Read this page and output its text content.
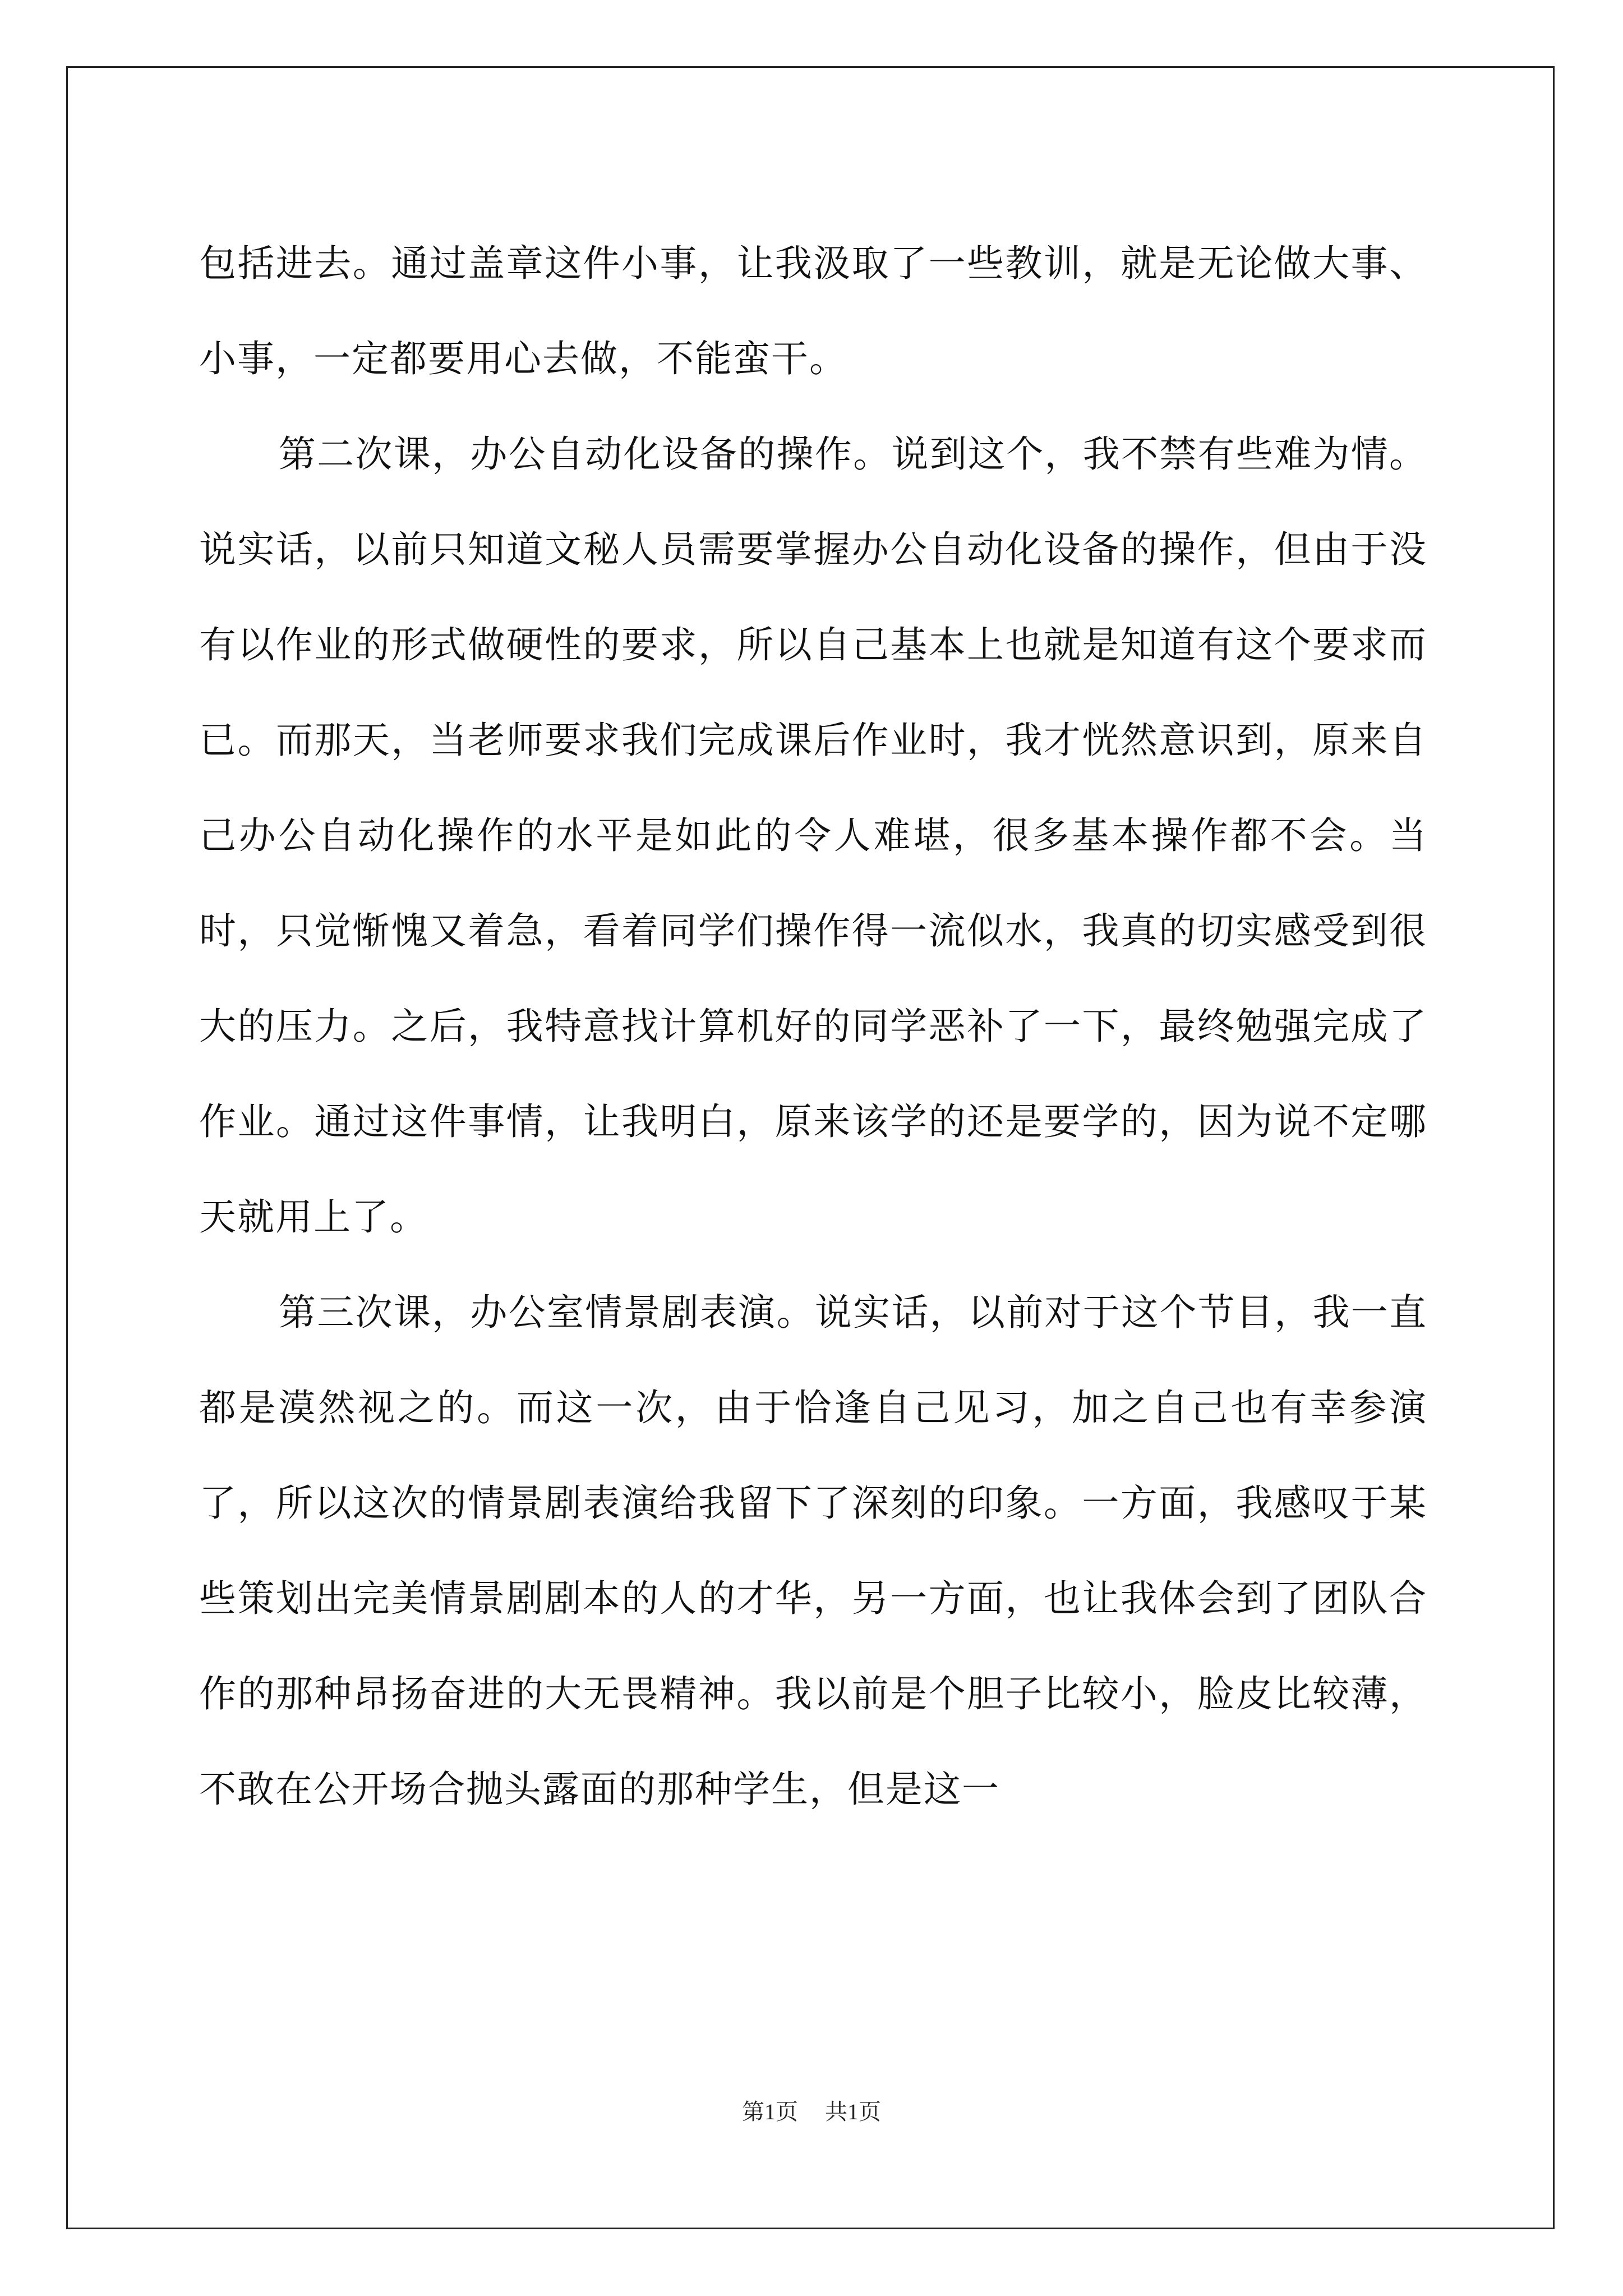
包括进去。通过盖章这件小事，让我汲取了一些教训，就是无论做大事、小事，一定都要用心去做，不能蛮干。

第二次课，办公自动化设备的操作。说到这个，我不禁有些难为情。说实话，以前只知道文秘人员需要掌握办公自动化设备的操作，但由于没有以作业的形式做硬性的要求，所以自己基本上也就是知道有这个要求而已。而那天，当老师要求我们完成课后作业时，我才恍然意识到，原来自己办公自动化操作的水平是如此的令人难堪，很多基本操作都不会。当时，只觉惭愧又着急，看着同学们操作得一流似水，我真的切实感受到很大的压力。之后，我特意找计算机好的同学恶补了一下，最终勉强完成了作业。通过这件事情，让我明白，原来该学的还是要学的，因为说不定哪天就用上了。

第三次课，办公室情景剧表演。说实话，以前对于这个节目，我一直都是漠然视之的。而这一次，由于恰逢自己见习，加之自己也有幸参演了，所以这次的情景剧表演给我留下了深刻的印象。一方面，我感叹于某些策划出完美情景剧剧本的人的才华，另一方面，也让我体会到了团队合作的那种昂扬奋进的大无畏精神。我以前是个胆子比较小，脸皮比较薄，不敢在公开场合抛头露面的那种学生，但是这一

第1页 共1页
